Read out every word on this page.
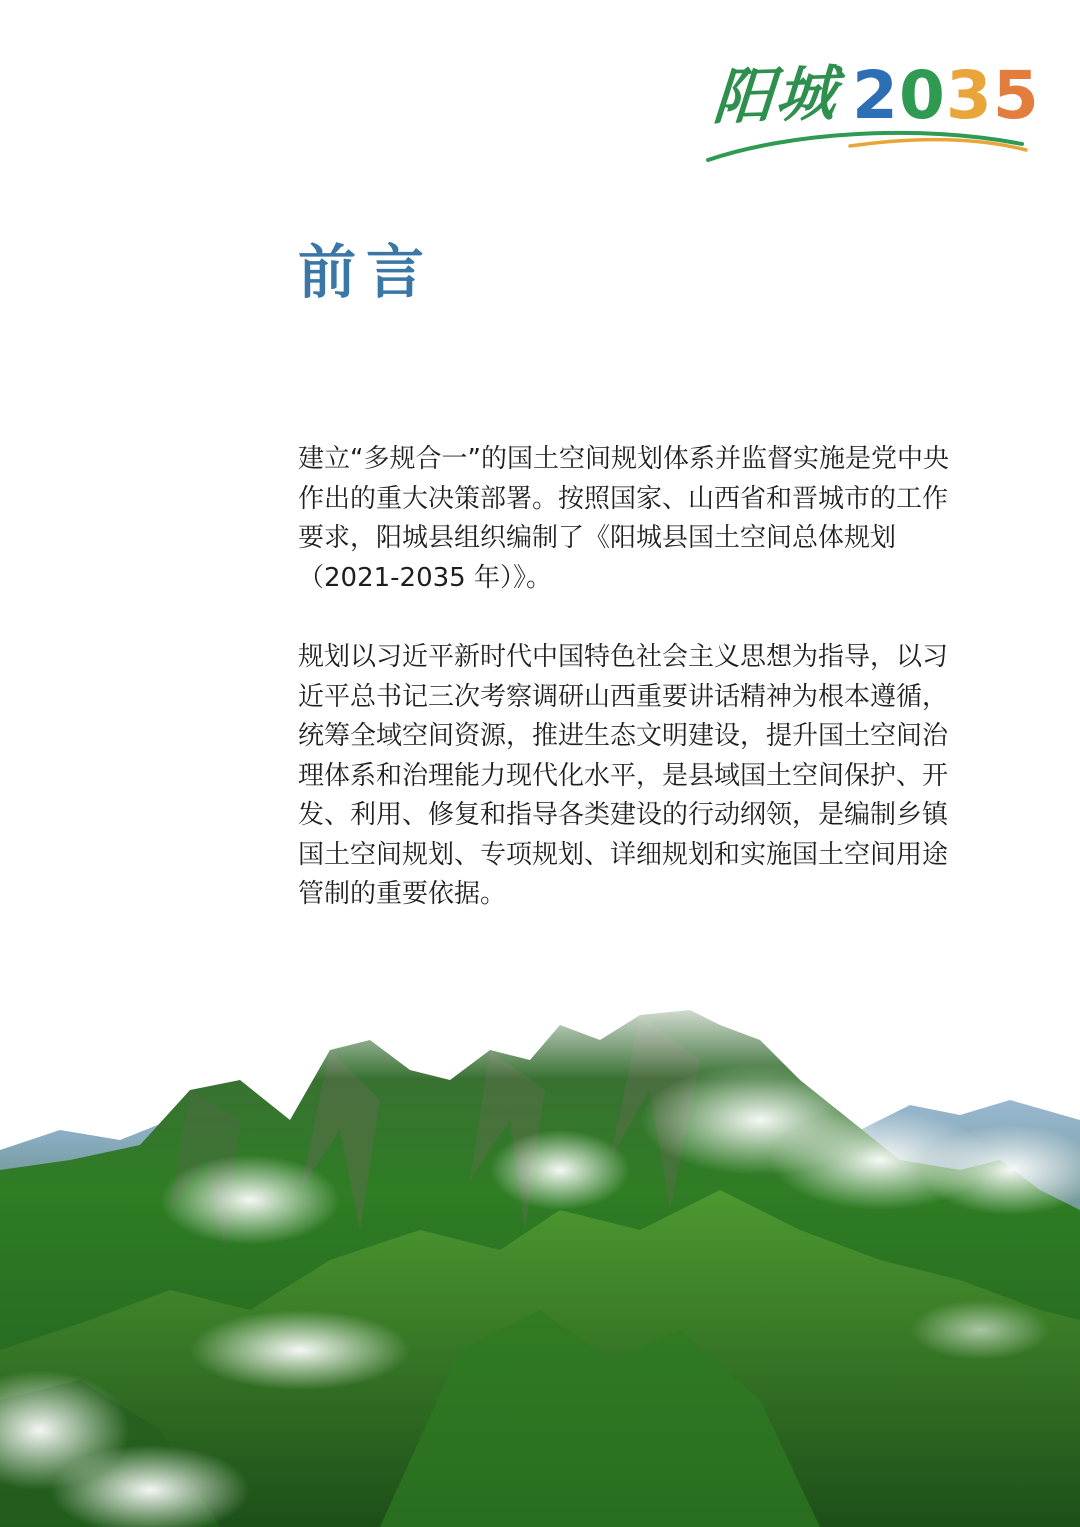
阳城 2035
前言

建立“多规合一”的国土空间规划体系并监督实施是党中央作出的重大决策部署。按照国家、山西省和晋城市的工作要求，阳城县组织编制了《阳城县国土空间总体规划（2021-2035 年）》。

规划以习近平新时代中国特色社会主义思想为指导，以习近平总书记三次考察调研山西重要讲话精神为根本遵循，统筹全域空间资源，推进生态文明建设，提升国土空间治理体系和治理能力现代化水平，是县域国土空间保护、开发、利用、修复和指导各类建设的行动纲领，是编制乡镇国土空间规划、专项规划、详细规划和实施国土空间用途管制的重要依据。
